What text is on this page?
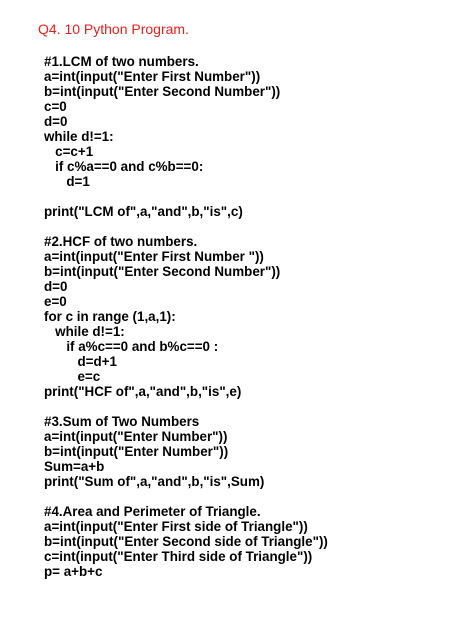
Q4. 10 Python Program.
#1.LCM of two numbers.
a=int(input("Enter First Number"))
b=int(input("Enter Second Number"))
c=0
d=0
while d!=1:
c=c+1
if c%a==0 and c%b==0:
d=1
print("LCM of",a,"and",b,"is",c)
#2.HCF of two numbers.
a=int(input("Enter First Number "))
b=int(input("Enter Second Number"))
d=0
e=0
for c in range (1,a,1):
while d!=1:
if a%c==0 and b%c==0 :
d=d+1
e=c
print("HCF of",a,"and",b,"is",e)
#3.Sum of Two Numbers
a=int(input("Enter Number"))
b=int(input("Enter Number"))
Sum=a+b
print("Sum of",a,"and",b,"is",Sum)
#4.Area and Perimeter of Triangle.
a=int(input("Enter First side of Triangle"))
b=int(input("Enter Second side of Triangle"))
c=int(input("Enter Third side of Triangle"))
p= a+b+c
